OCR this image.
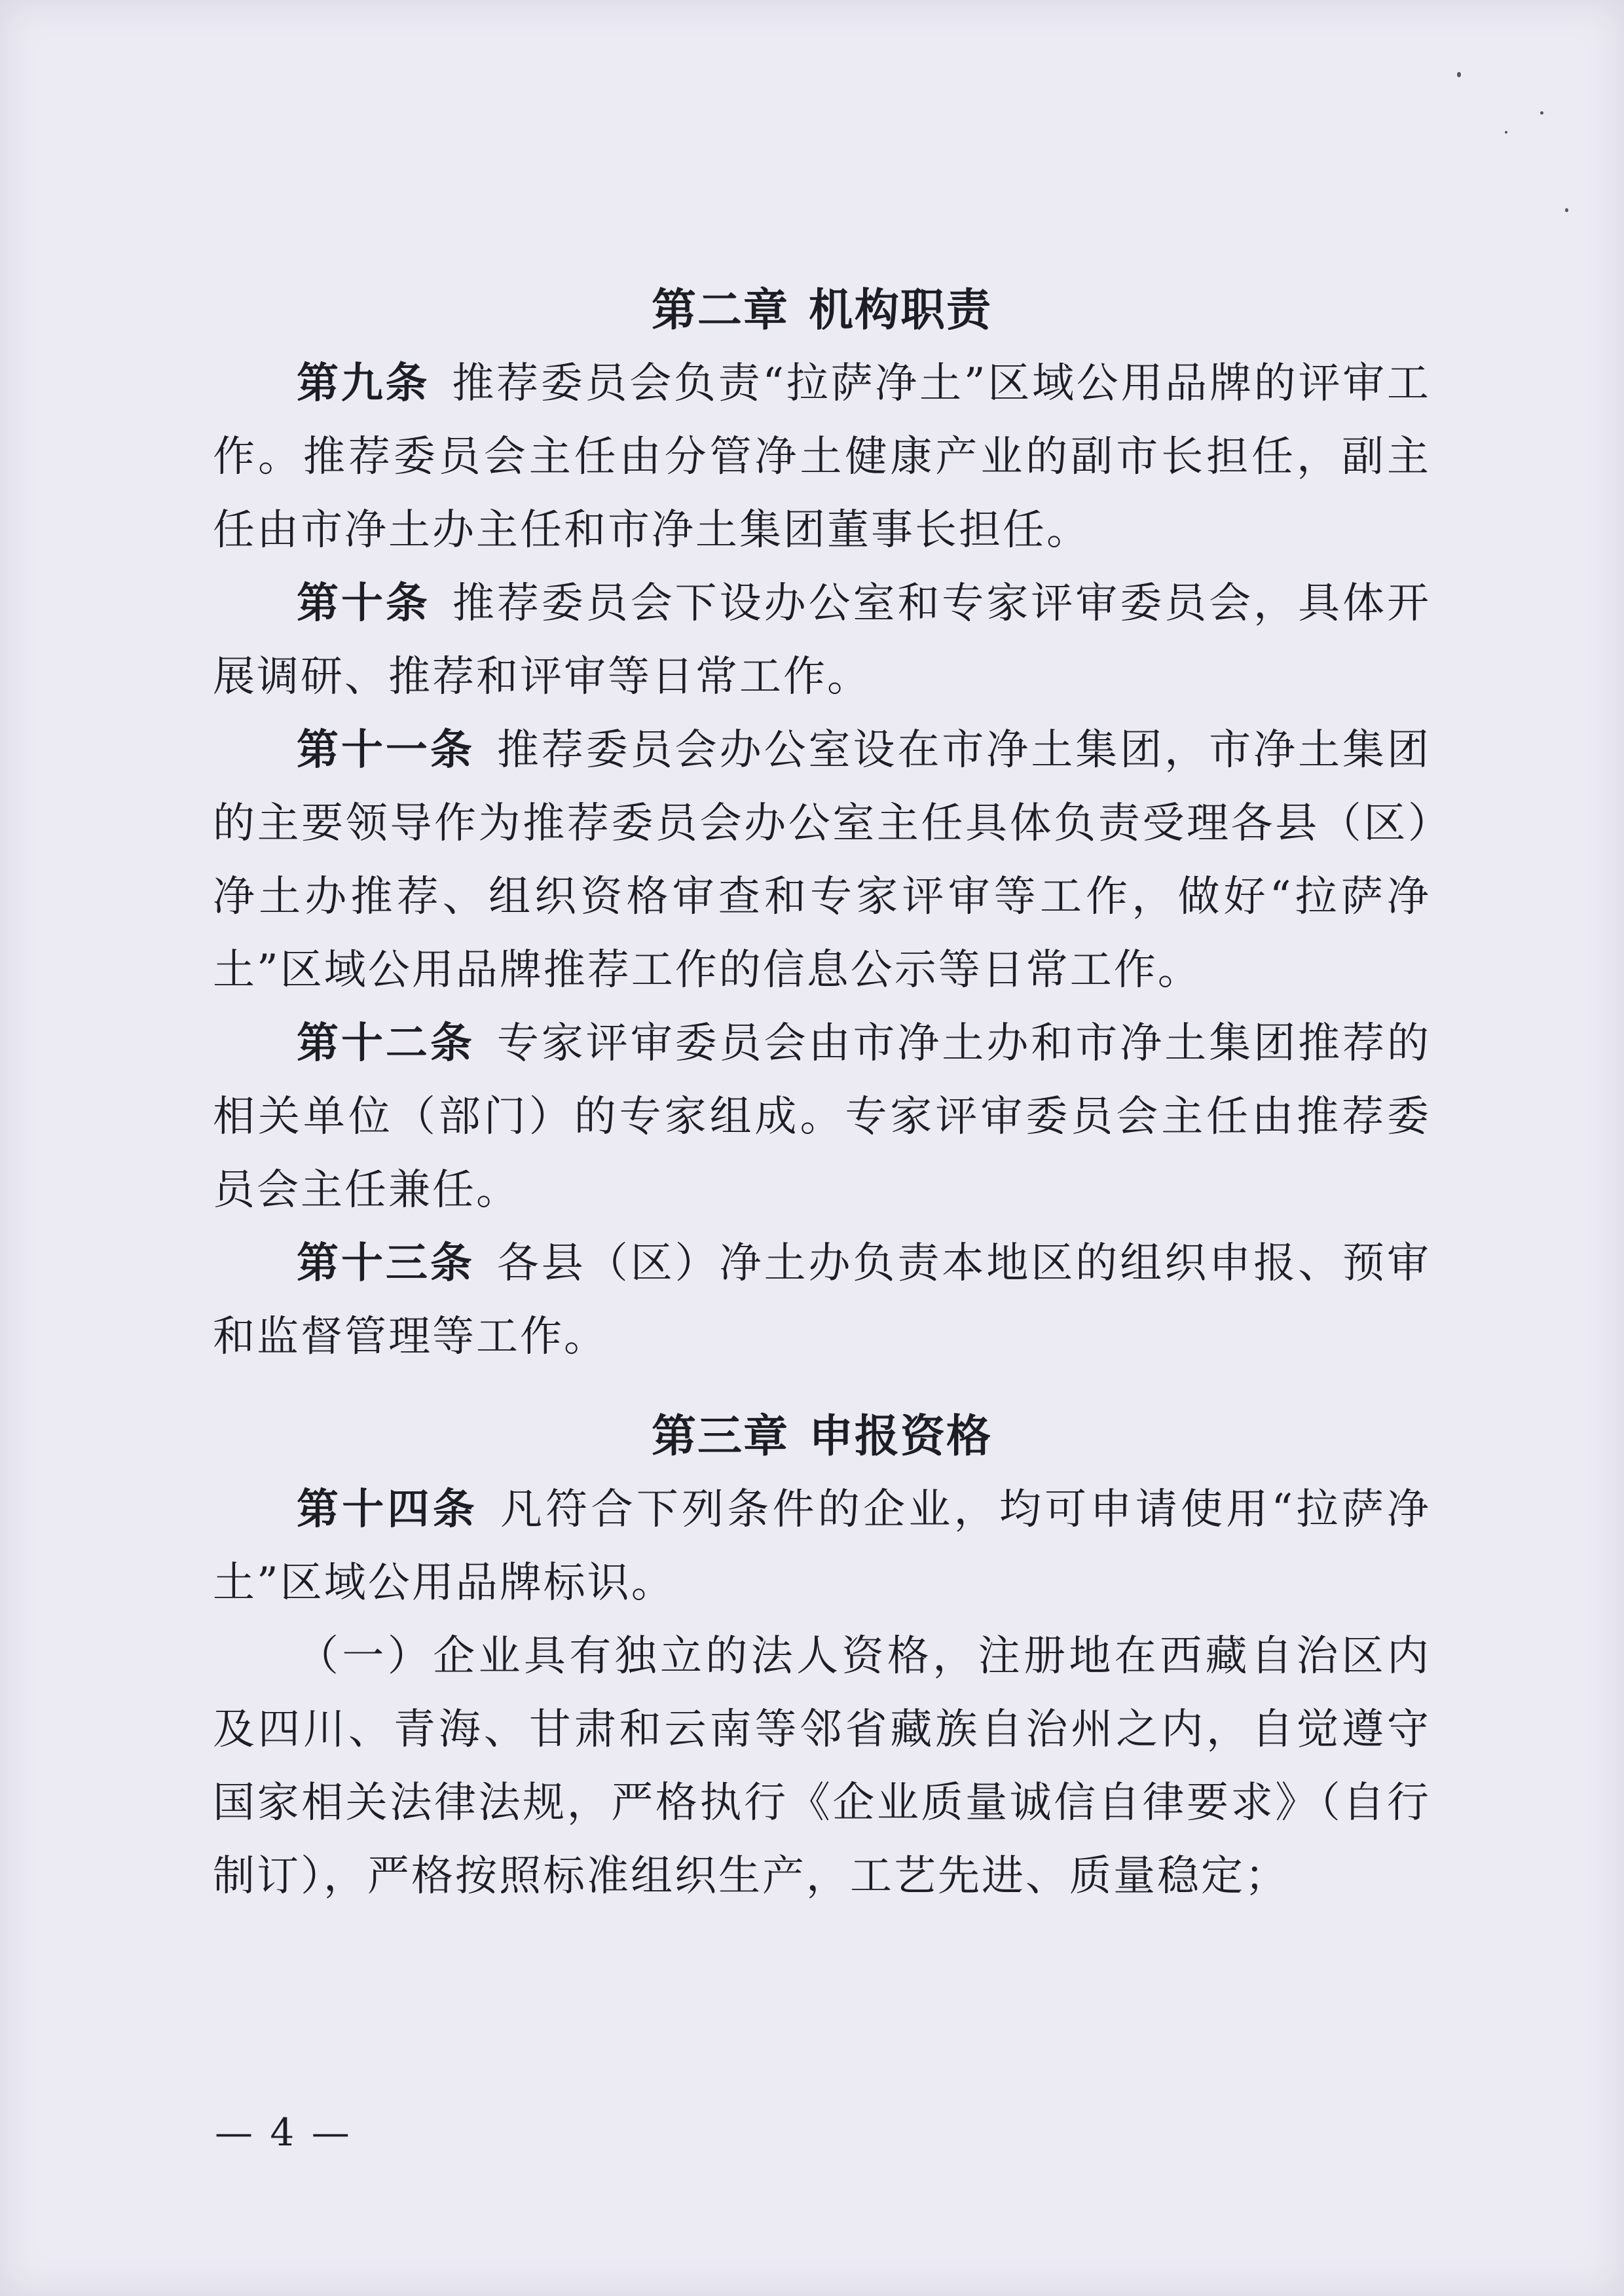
第二章 机构职责

第九条 推荐委员会负责“拉萨净土”区域公用品牌的评审工作。推荐委员会主任由分管净土健康产业的副市长担任，副主任由市净土办主任和市净土集团董事长担任。

第十条 推荐委员会下设办公室和专家评审委员会，具体开展调研、推荐和评审等日常工作。

第十一条 推荐委员会办公室设在市净土集团，市净土集团的主要领导作为推荐委员会办公室主任具体负责受理各县（区）净土办推荐、组织资格审查和专家评审等工作，做好“拉萨净土”区域公用品牌推荐工作的信息公示等日常工作。

第十二条 专家评审委员会由市净土办和市净土集团推荐的相关单位（部门）的专家组成。专家评审委员会主任由推荐委员会主任兼任。

第十三条 各县（区）净土办负责本地区的组织申报、预审和监督管理等工作。

第三章 申报资格

第十四条 凡符合下列条件的企业，均可申请使用“拉萨净土”区域公用品牌标识。

（一）企业具有独立的法人资格，注册地在西藏自治区内及四川、青海、甘肃和云南等邻省藏族自治州之内，自觉遵守国家相关法律法规，严格执行《企业质量诚信自律要求》（自行制订），严格按照标准组织生产，工艺先进、质量稳定；

— 4 —
